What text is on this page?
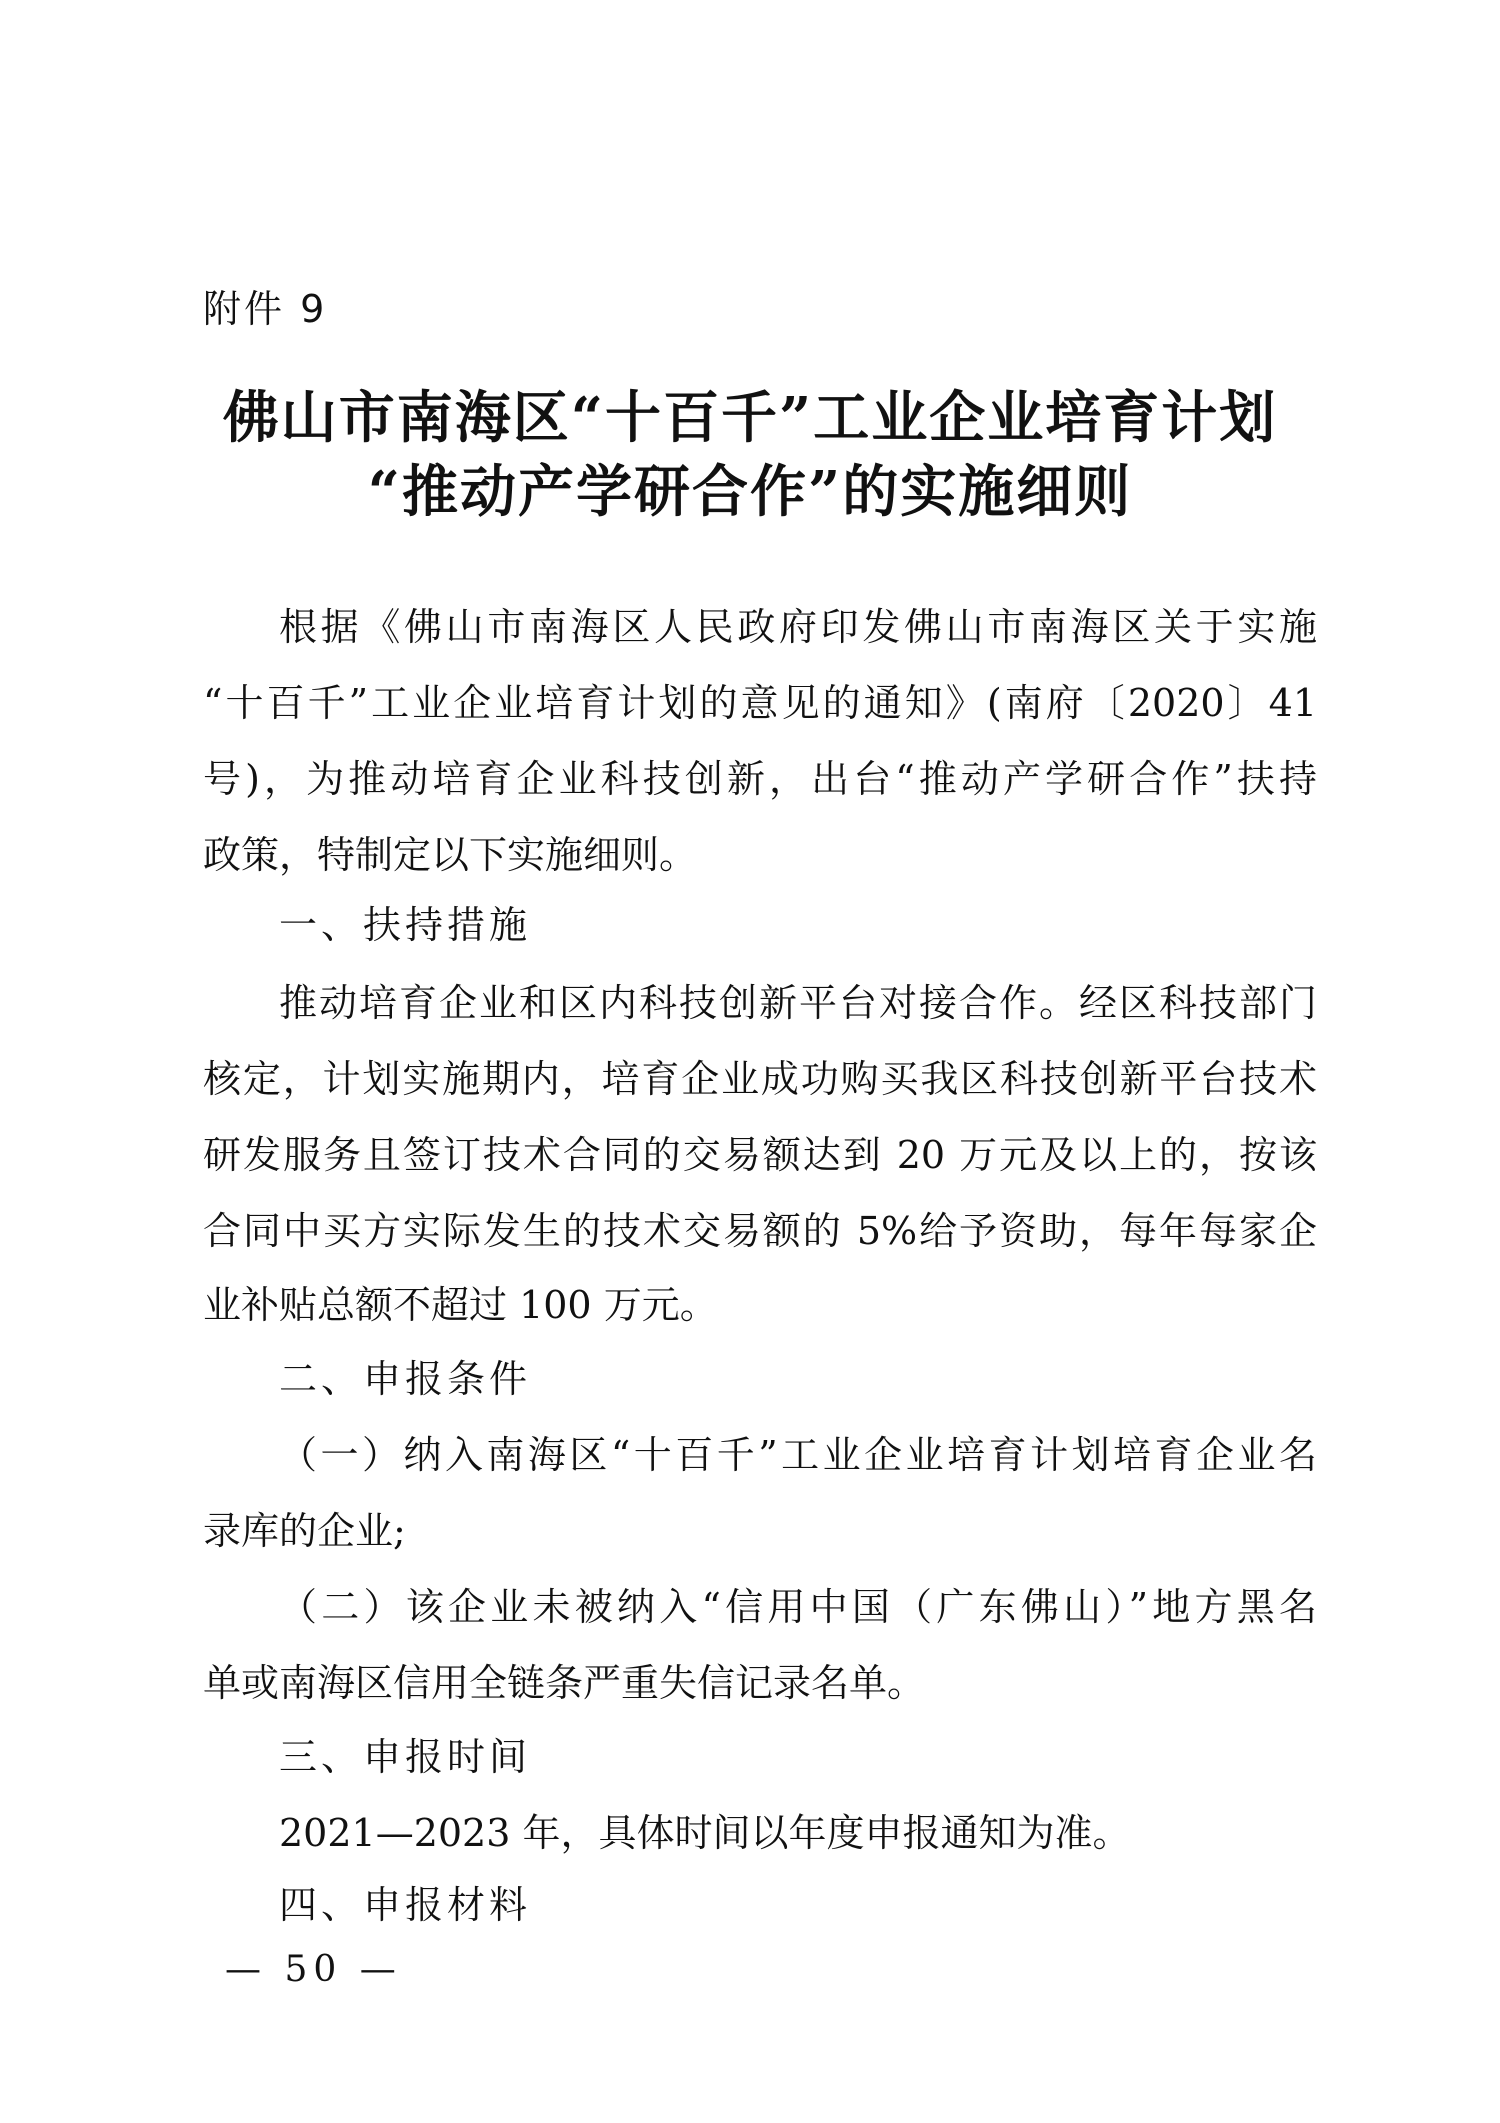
附件 9
佛山市南海区“十百千”工业企业培育计划
“推动产学研合作”的实施细则
根据《佛山市南海区人民政府印发佛山市南海区关于实施
“十百千”工业企业培育计划的意见的通知》(南府〔2020〕41
号)，为推动培育企业科技创新，出台“推动产学研合作”扶持
政策，特制定以下实施细则。
一、扶持措施
推动培育企业和区内科技创新平台对接合作。经区科技部门
核定，计划实施期内，培育企业成功购买我区科技创新平台技术
研发服务且签订技术合同的交易额达到 20 万元及以上的，按该
合同中买方实际发生的技术交易额的 5%给予资助，每年每家企
业补贴总额不超过 100 万元。
二、申报条件
（一）纳入南海区“十百千”工业企业培育计划培育企业名
录库的企业;
（二）该企业未被纳入“信用中国（广东佛山）”地方黑名
单或南海区信用全链条严重失信记录名单。
三、申报时间
2021—2023 年，具体时间以年度申报通知为准。
四、申报材料
— 50 —
